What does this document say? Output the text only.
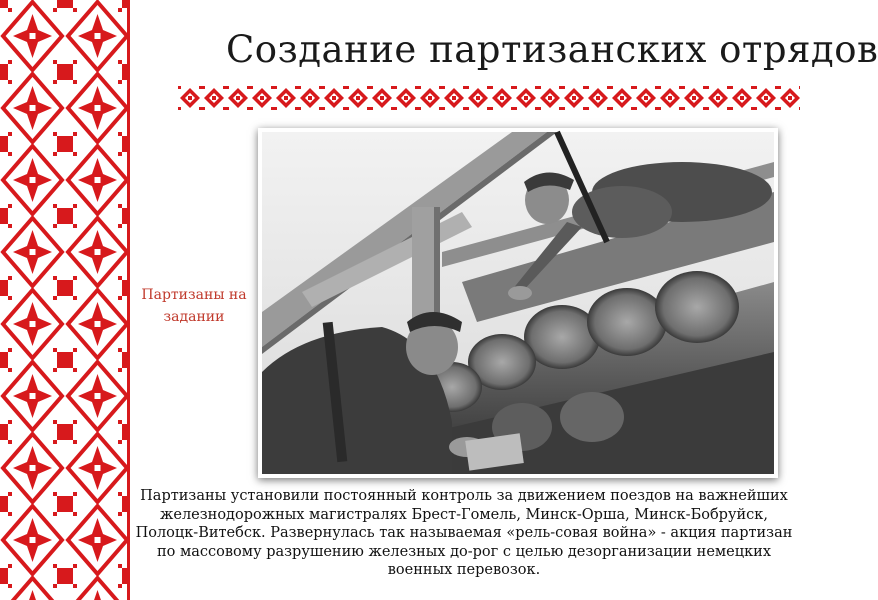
Создание партизанских отрядов
Партизаны на задании
Партизаны установили постоянный контроль за движением поездов на важнейших железнодорожных магистралях Брест-Гомель, Минск-Орша, Минск-Бобруйск, Полоцк-Витебск. Развернулась так называемая «рель-совая война» - акция партизан по массовому разрушению железных до-рог с целью дезорганизации немецких военных перевозок.
